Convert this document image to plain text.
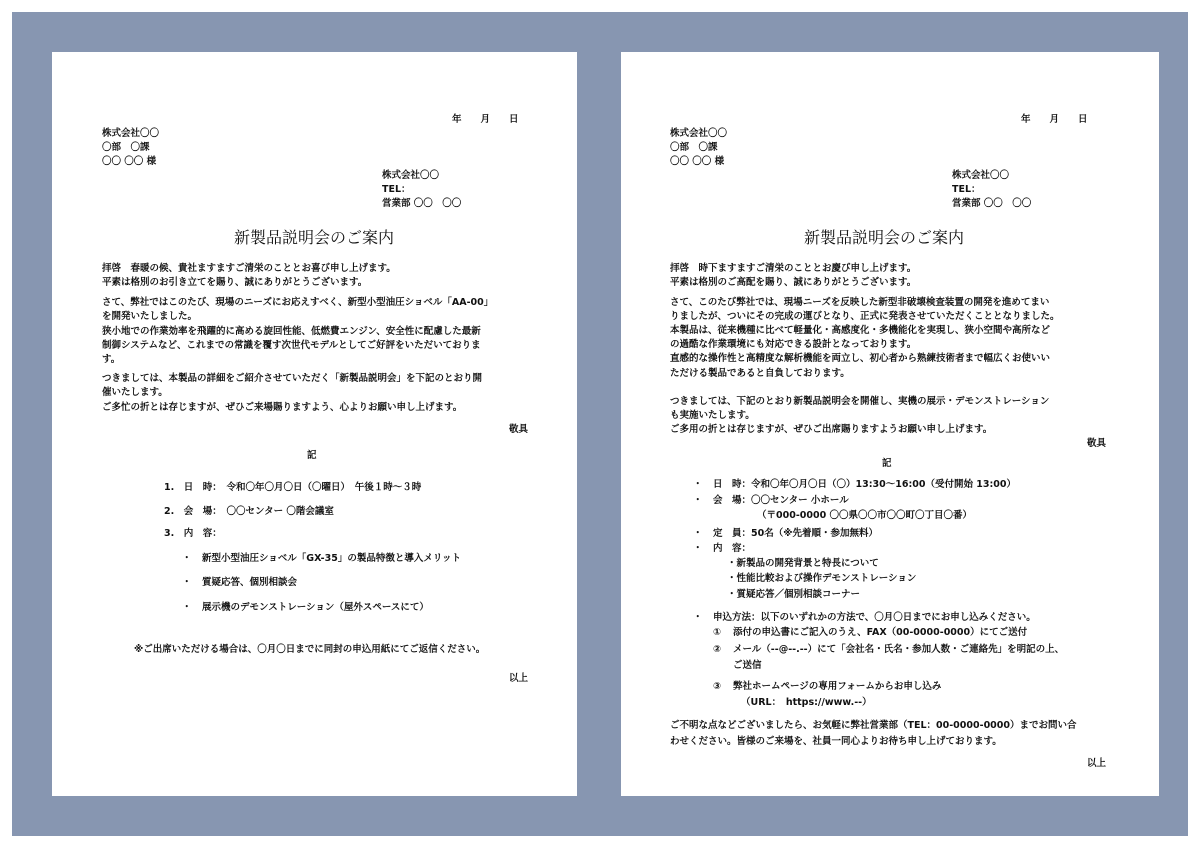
年　　月　　日
株式会社〇〇
〇部　〇課
〇〇 〇〇 様
株式会社〇〇
TEL：
営業部 〇〇　〇〇
新製品説明会のご案内
拝啓　春暖の候、貴社ますますご清栄のこととお喜び申し上げます。
平素は格別のお引き立てを賜り、誠にありがとうございます。
さて、弊社ではこのたび、現場のニーズにお応えすべく、新型小型油圧ショベル「AA-00」
を開発いたしました。
狭小地での作業効率を飛躍的に高める旋回性能、低燃費エンジン、安全性に配慮した最新
制御システムなど、これまでの常識を覆す次世代モデルとしてご好評をいただいておりま
す。
つきましては、本製品の詳細をご紹介させていただく「新製品説明会」を下記のとおり開
催いたします。
ご多忙の折とは存じますが、ぜひご来場賜りますよう、心よりお願い申し上げます。
敬具
記
1.　日　時：　令和〇年〇月〇日（〇曜日）　午後１時〜３時
2.　会　場：　〇〇センター 〇階会議室
3.　内　容：
・ 新型小型油圧ショベル「GX-35」の製品特徴と導入メリット
・ 質疑応答、個別相談会
・ 展示機のデモンストレーション（屋外スペースにて）
※ご出席いただける場合は、〇月〇日までに同封の申込用紙にてご返信ください。
以上
年　　月　　日
株式会社〇〇
〇部　〇課
〇〇 〇〇 様
株式会社〇〇
TEL：
営業部 〇〇　〇〇
新製品説明会のご案内
拝啓　時下ますますご清栄のこととお慶び申し上げます。
平素は格別のご高配を賜り、誠にありがとうございます。
さて、このたび弊社では、現場ニーズを反映した新型非破壊検査装置の開発を進めてまい
りましたが、ついにその完成の運びとなり、正式に発表させていただくこととなりました。
本製品は、従来機種に比べて軽量化・高感度化・多機能化を実現し、狭小空間や高所など
の過酷な作業環境にも対応できる設計となっております。
直感的な操作性と高精度な解析機能を両立し、初心者から熟練技術者まで幅広くお使いい
ただける製品であると自負しております。
つきましては、下記のとおり新製品説明会を開催し、実機の展示・デモンストレーション
も実施いたします。
ご多用の折とは存じますが、ぜひご出席賜りますようお願い申し上げます。
敬具
記
・ 日　時：令和〇年〇月〇日（〇）13:30〜16:00（受付開始 13:00）
・ 会　場：〇〇センター 小ホール
（〒000-0000 〇〇県〇〇市〇〇町〇丁目〇番）
・ 定　員：50名（※先着順・参加無料）
・ 内　容：
・新製品の開発背景と特長について
・性能比較および操作デモンストレーション
・質疑応答／個別相談コーナー
・ 申込方法：以下のいずれかの方法で、〇月〇日までにお申し込みください。
① 添付の申込書にご記入のうえ、FAX（00-0000-0000）にてご送付
② メール（--@--.--）にて「会社名・氏名・参加人数・ご連絡先」を明記の上、
ご送信
③ 弊社ホームページの専用フォームからお申し込み
（URL：　https://www.--）
ご不明な点などございましたら、お気軽に弊社営業部（TEL：00-0000-0000）までお問い合
わせください。皆様のご来場を、社員一同心よりお待ち申し上げております。
以上
